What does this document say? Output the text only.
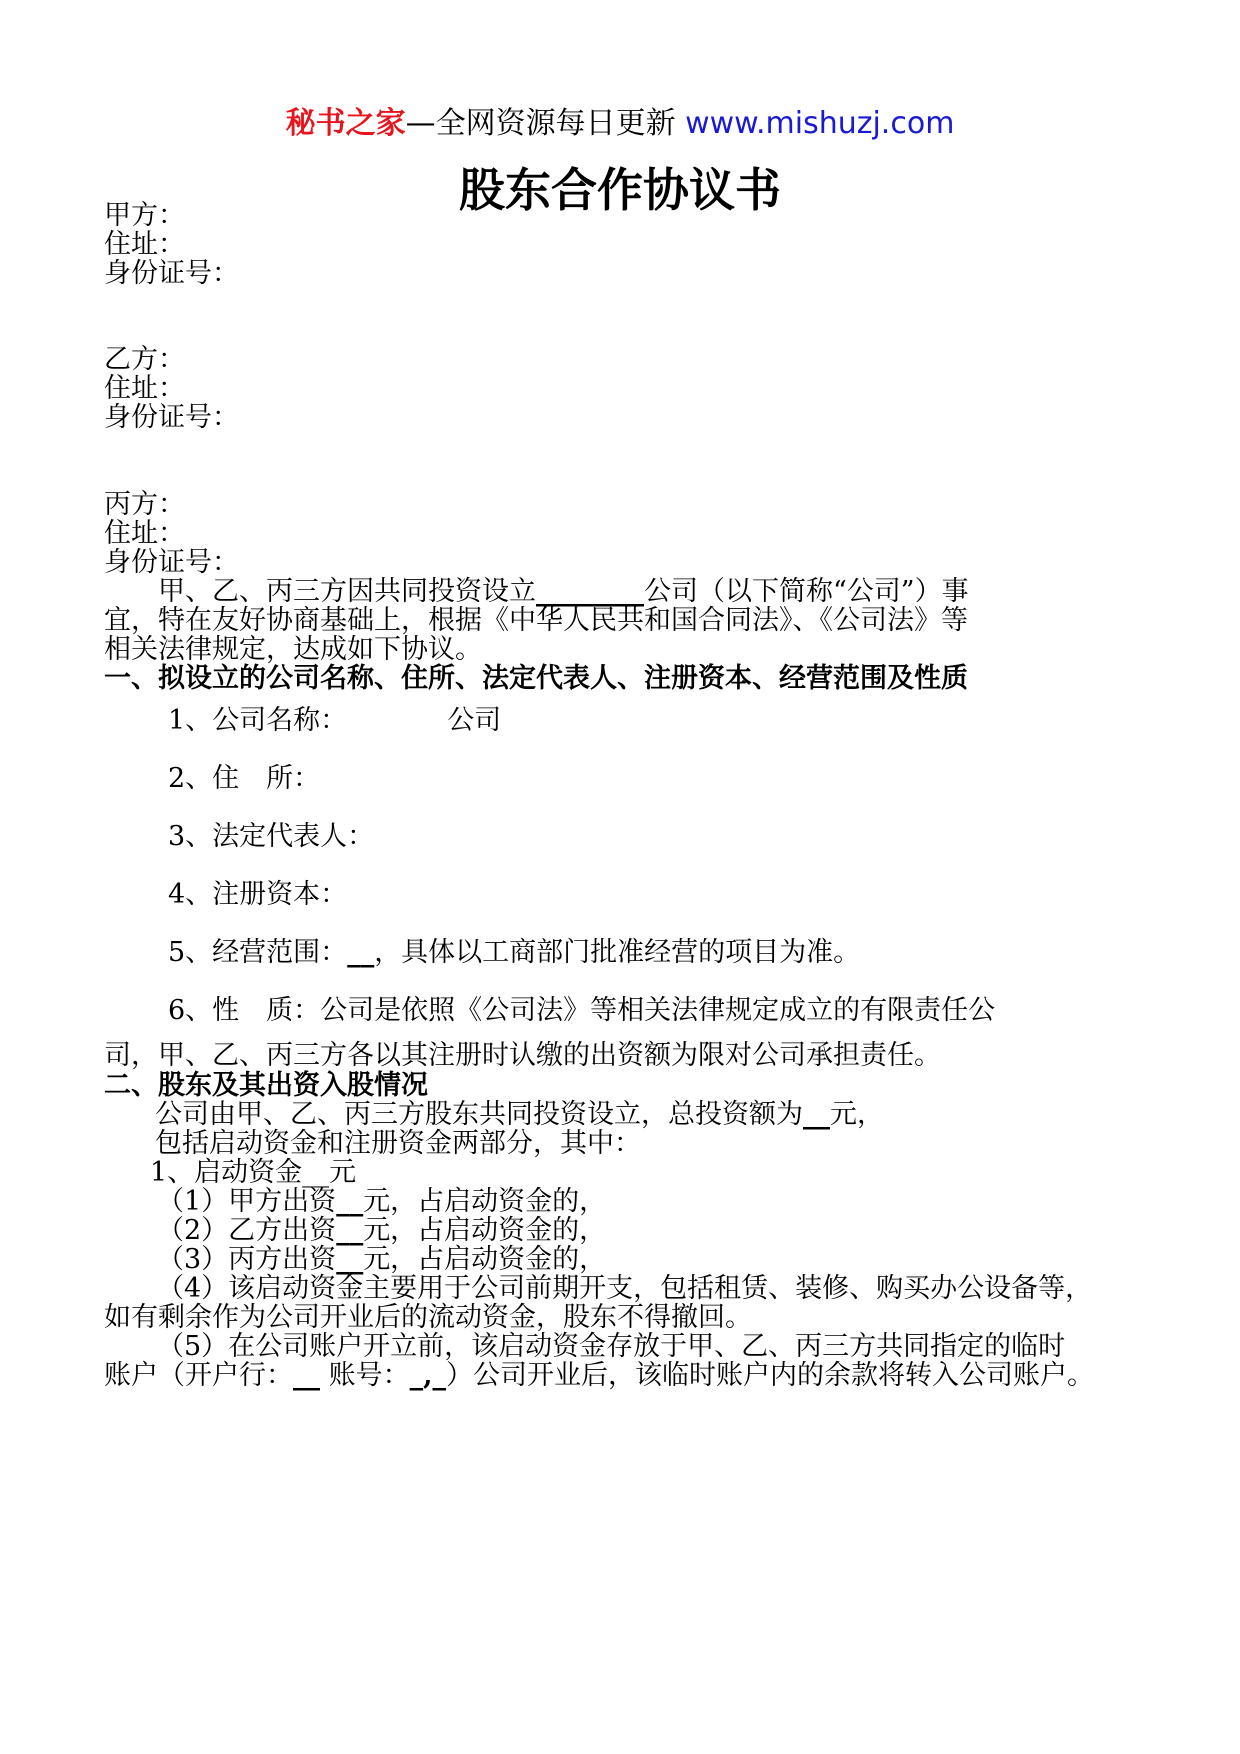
秘书之家—全网资源每日更新 www.mishuzj.com
股东合作协议书
甲方：
住址：
身份证号：
乙方：
住址：
身份证号：
丙方：
住址：
身份证号：
　　甲、乙、丙三方因共同投资设立________公司（以下简称“公司”）事
宜，特在友好协商基础上，根据《中华人民共和国合同法》、《公司法》等
相关法律规定，达成如下协议。
一、拟设立的公司名称、住所、法定代表人、注册资本、经营范围及性质
1、公司名称：	公司
2、住　所：
3、法定代表人：
4、注册资本：
5、经营范围：__，具体以工商部门批准经营的项目为准。
6、性　质：公司是依照《公司法》等相关法律规定成立的有限责任公
司，甲、乙、丙三方各以其注册时认缴的出资额为限对公司承担责任。
二、股东及其出资入股情况
公司由甲、乙、丙三方股东共同投资设立，总投资额为__元，
包括启动资金和注册资金两部分，其中：
1、启动资金__元
（1）甲方出资__元，占启动资金的，
（2）乙方出资__元，占启动资金的，
（3）丙方出资__元，占启动资金的，
（4）该启动资金主要用于公司前期开支，包括租赁、装修、购买办公设备等，
如有剩余作为公司开业后的流动资金，股东不得撤回。
（5）在公司账户开立前，该启动资金存放于甲、乙、丙三方共同指定的临时
账户（开户行：__ 账号：_,_）公司开业后，该临时账户内的余款将转入公司账户。
